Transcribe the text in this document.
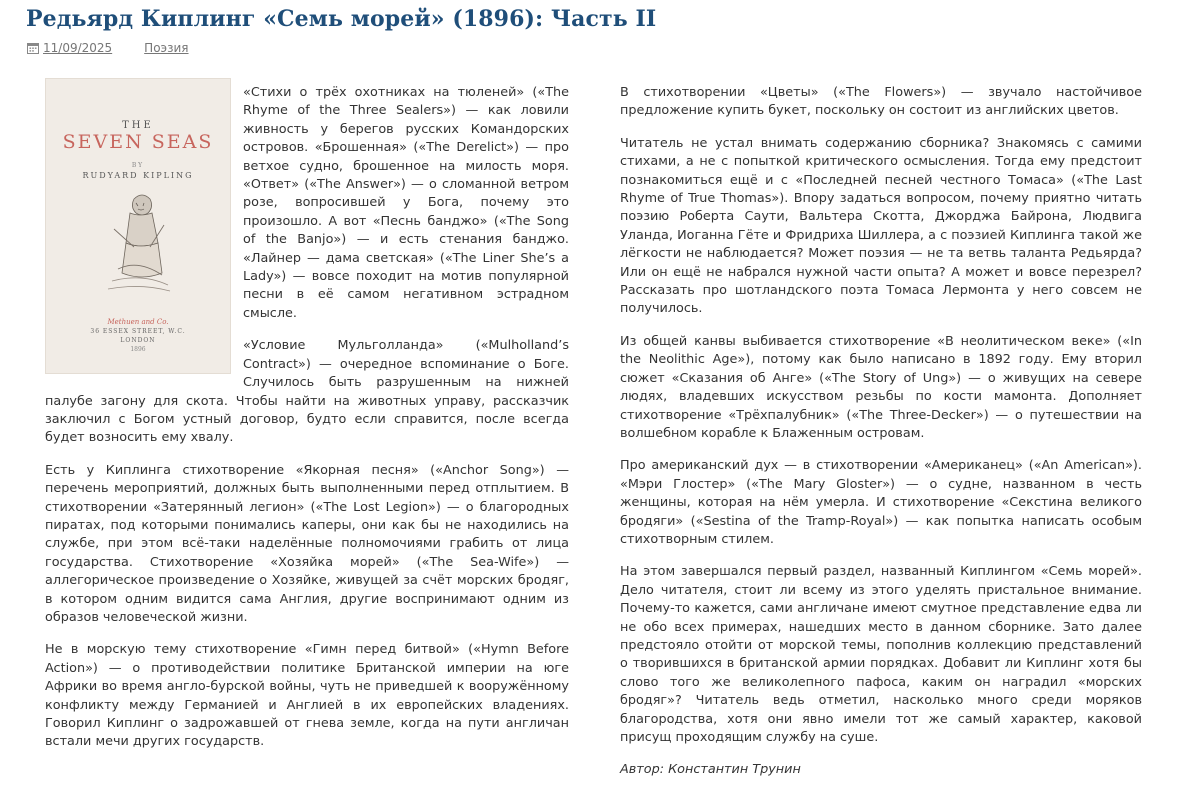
Редьярд Киплинг «Семь морей» (1896): Часть II
11/09/2025	Поэзия
THE
SEVEN SEAS
BY
RUDYARD KIPLING
Methuen and Co.
36 ESSEX STREET, W.C.
LONDON
1896

«Стихи о трёх охотниках на тюленей» («The Rhyme of the Three Sealers») — как ловили живность у берегов русских Командорских островов. «Брошенная» («The Derelict») — про ветхое судно, брошенное на милость моря. «Ответ» («The Answer») — о сломанной ветром розе, вопросившей у Бога, почему это произошло. А вот «Песнь банджо» («The Song of the Banjo») — и есть стенания банджо. «Лайнер — дама светская» («The Liner She’s a Lady») — вовсе походит на мотив популярной песни в её самом негативном эстрадном смысле.

«Условие Мульголланда» («Mulholland’s Contract») — очередное вспоминание о Боге. Случилось быть разрушенным на нижней палубе загону для скота. Чтобы найти на животных управу, рассказчик заключил с Богом устный договор, будто если справится, после всегда будет возносить ему хвалу.

Есть у Киплинга стихотворение «Якорная песня» («Anchor Song») — перечень мероприятий, должных быть выполненными перед отплытием. В стихотворении «Затерянный легион» («The Lost Legion») — о благородных пиратах, под которыми понимались каперы, они как бы не находились на службе, при этом всё-таки наделённые полномочиями грабить от лица государства. Стихотворение «Хозяйка морей» («The Sea-Wife») — аллегорическое произведение о Хозяйке, живущей за счёт морских бродяг, в котором одним видится сама Англия, другие воспринимают одним из образов человеческой жизни.

Не в морскую тему стихотворение «Гимн перед битвой» («Hymn Before Action») — о противодействии политике Британской империи на юге Африки во время англо-бурской войны, чуть не приведшей к вооружённому конфликту между Германией и Англией в их европейских владениях. Говорил Киплинг о задрожавшей от гнева земле, когда на пути англичан встали мечи других государств.

В стихотворении «Цветы» («The Flowers») — звучало настойчивое предложение купить букет, поскольку он состоит из английских цветов.

Читатель не устал внимать содержанию сборника? Знакомясь с самими стихами, а не с попыткой критического осмысления. Тогда ему предстоит познакомиться ещё и с «Последней песней честного Томаса» («The Last Rhyme of True Thomas»). Впору задаться вопросом, почему приятно читать поэзию Роберта Саути, Вальтера Скотта, Джорджа Байрона, Людвига Уланда, Иоганна Гёте и Фридриха Шиллера, а с поэзией Киплинга такой же лёгкости не наблюдается? Может поэзия — не та ветвь таланта Редьярда? Или он ещё не набрался нужной части опыта? А может и вовсе перезрел? Рассказать про шотландского поэта Томаса Лермонта у него совсем не получилось.

Из общей канвы выбивается стихотворение «В неолитическом веке» («In the Neolithic Age»), потому как было написано в 1892 году. Ему вторил сюжет «Сказания об Анге» («The Story of Ung») — о живущих на севере людях, владевших искусством резьбы по кости мамонта. Дополняет стихотворение «Трёхпалубник» («The Three-Decker») — о путешествии на волшебном корабле к Блаженным островам.

Про американский дух — в стихотворении «Американец» («An American»). «Мэри Глостер» («The Mary Gloster») — о судне, названном в честь женщины, которая на нём умерла. И стихотворение «Секстина великого бродяги» («Sestina of the Tramp-Royal») — как попытка написать особым стихотворным стилем.

На этом завершался первый раздел, названный Киплингом «Семь морей». Дело читателя, стоит ли всему из этого уделять пристальное внимание. Почему-то кажется, сами англичане имеют смутное представление едва ли не обо всех примерах, нашедших место в данном сборнике. Зато далее предстояло отойти от морской темы, пополнив коллекцию представлений о творившихся в британской армии порядках. Добавит ли Киплинг хотя бы слово того же великолепного пафоса, каким он наградил «морских бродяг»? Читатель ведь отметил, насколько много среди моряков благородства, хотя они явно имели тот же самый характер, каковой присущ проходящим службу на суше.

Автор: Константин Трунин
